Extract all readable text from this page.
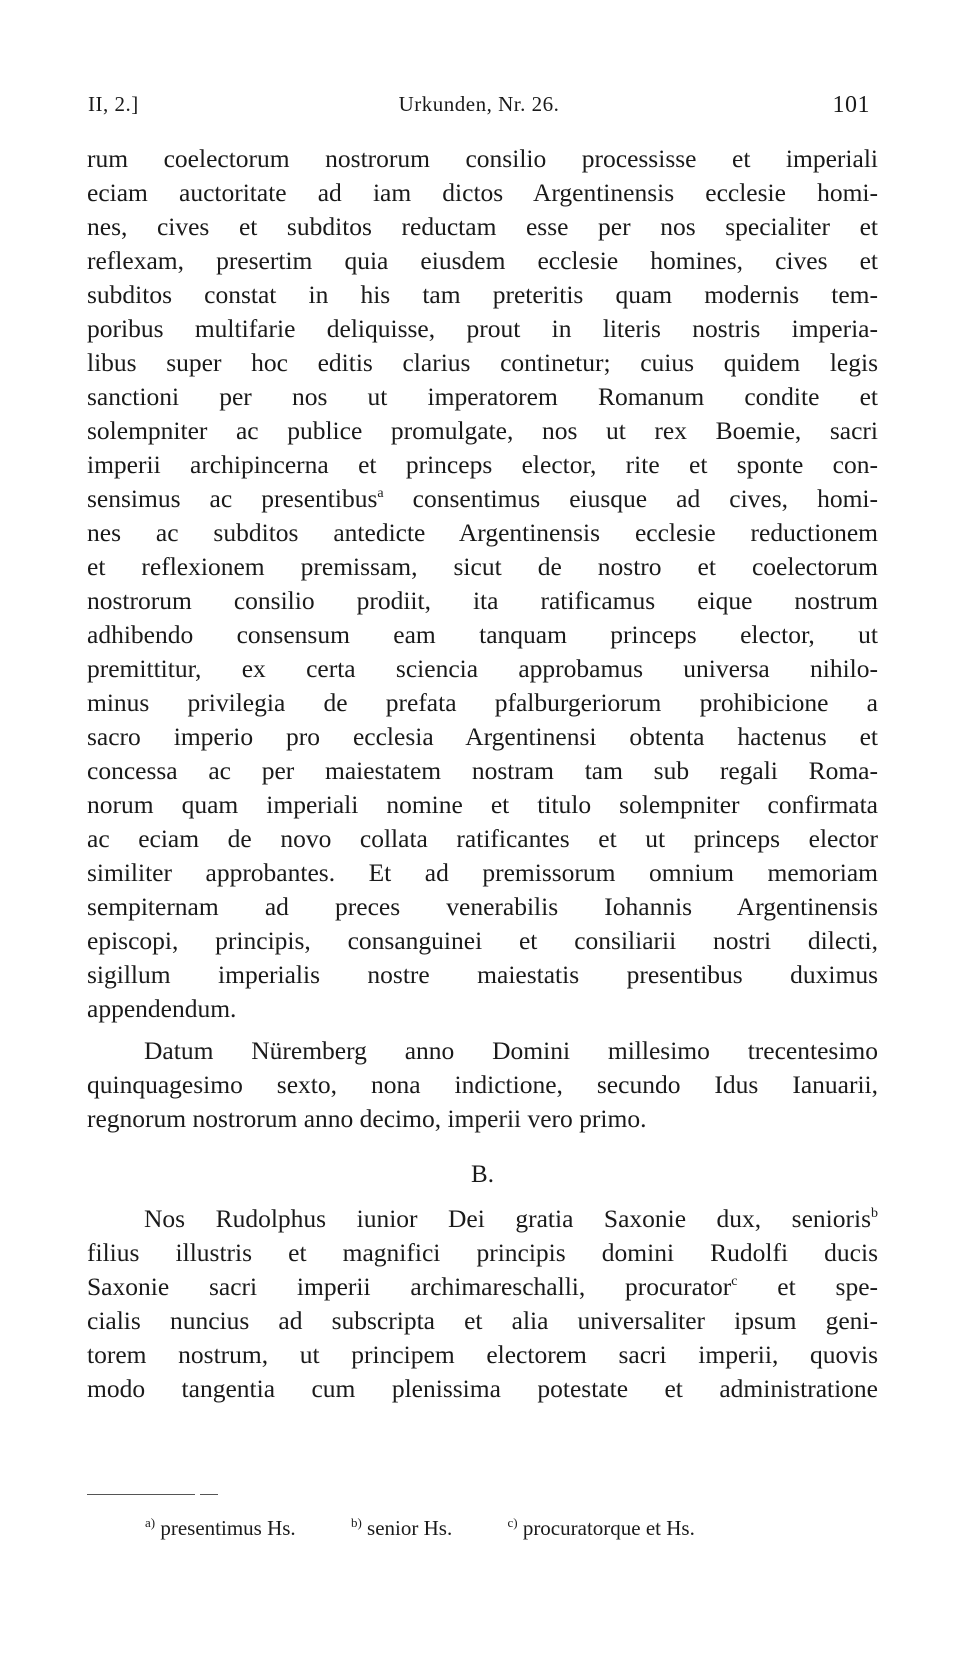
II, 2.]	Urkunden, Nr. 26.	101
rum coelectorum nostrorum consilio processisse et imperiali
eciam auctoritate ad iam dictos Argentinensis ecclesie homi-
nes, cives et subditos reductam esse per nos specialiter et
reflexam, presertim quia eiusdem ecclesie homines, cives et
subditos constat in his tam preteritis quam modernis tem-
poribus multifarie deliquisse, prout in literis nostris imperia-
libus super hoc editis clarius continetur; cuius quidem legis
sanctioni per nos ut imperatorem Romanum condite et
solempniter ac publice promulgate, nos ut rex Boemie, sacri
imperii archipincerna et princeps elector, rite et sponte con-
sensimus ac presentibus$^a$ consentimus eiusque ad cives, homi-
nes ac subditos antedicte Argentinensis ecclesie reductionem
et reflexionem premissam, sicut de nostro et coelectorum
nostrorum consilio prodiit, ita ratificamus eique nostrum
adhibendo consensum eam tanquam princeps elector, ut
premittitur, ex certa sciencia approbamus universa nihilo-
minus privilegia de prefata pfalburgeriorum prohibicione a
sacro imperio pro ecclesia Argentinensi obtenta hactenus et
concessa ac per maiestatem nostram tam sub regali Roma-
norum quam imperiali nomine et titulo solempniter confirmata
ac eciam de novo collata ratificantes et ut princeps elector
similiter approbantes. Et ad premissorum omnium memoriam
sempiternam ad preces venerabilis Iohannis Argentinensis
episcopi, principis, consanguinei et consiliarii nostri dilecti,
sigillum imperialis nostre maiestatis presentibus duximus
appendendum.
Datum Nüremberg anno Domini millesimo trecentesimo
quinquagesimo sexto, nona indictione, secundo Idus Ianuarii,
regnorum nostrorum anno decimo, imperii vero primo.
B.
Nos Rudolphus iunior Dei gratia Saxonie dux, senioris$^b$
filius illustris et magnifici principis domini Rudolfi ducis
Saxonie sacri imperii archimareschalli, procurator$^c$ et spe-
cialis nuncius ad subscripta et alia universaliter ipsum geni-
torem nostrum, ut principem electorem sacri imperii, quovis
modo tangentia cum plenissima potestate et administratione
$^{a)}$ presentimus Hs.	$^{b)}$ senior Hs.	$^{c)}$ procuratorque et Hs.
